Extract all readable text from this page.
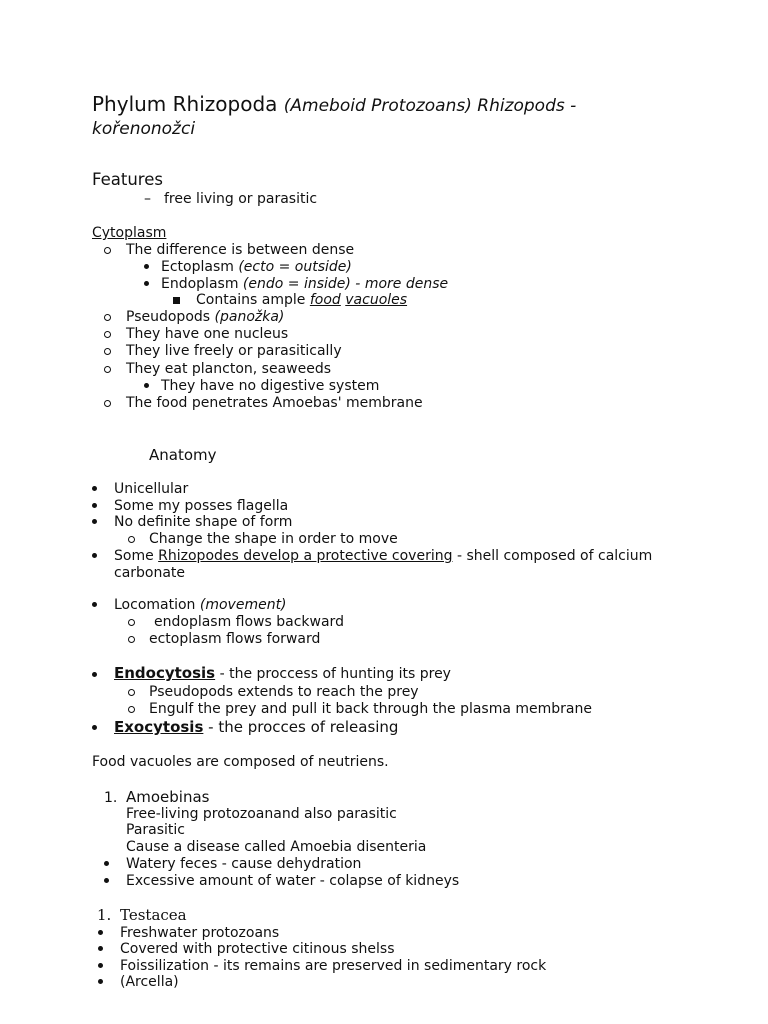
Phylum Rhizopoda (Ameboid Protozoans) Rhizopods -
kořenonožci
Features
– free living or parasitic
Cytoplasm
The difference is between dense
Ectoplasm (ecto = outside)
Endoplasm (endo = inside) - more dense
Contains ample food vacuoles
Pseudopods (panožka)
They have one nucleus
They live freely or parasitically
They eat plancton, seaweeds
They have no digestive system
The food penetrates Amoebas' membrane
Anatomy
Unicellular
Some my posses flagella
No definite shape of form
Change the shape in order to move
Some Rhizopodes develop a protective covering - shell composed of calcium
carbonate
Locomation (movement)
endoplasm flows backward
ectoplasm flows forward
Endocytosis - the proccess of hunting its prey
Pseudopods extends to reach the prey
Engulf the prey and pull it back through the plasma membrane
Exocytosis - the procces of releasing
Food vacuoles are composed of neutriens.
1. Amoebinas
Free-living protozoanand also parasitic
Parasitic
Cause a disease called Amoebia disenteria
Watery feces - cause dehydration
Excessive amount of water - colapse of kidneys
1. Testacea
Freshwater protozoans
Covered with protective citinous shelss
Foissilization - its remains are preserved in sedimentary rock
(Arcella)
